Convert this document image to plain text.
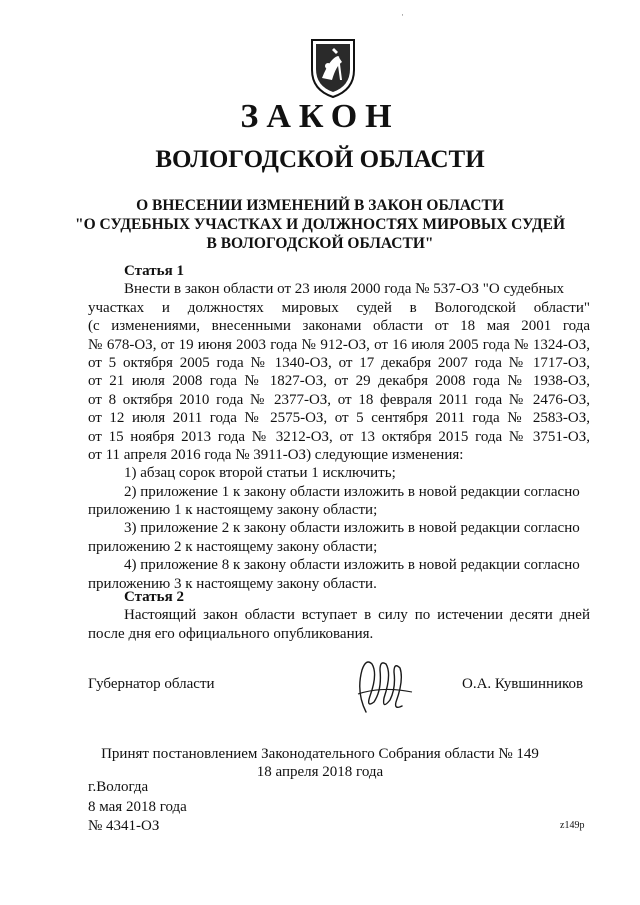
·
ЗАКОН
ВОЛОГОДСКОЙ ОБЛАСТИ
О ВНЕСЕНИИ ИЗМЕНЕНИЙ В ЗАКОН ОБЛАСТИ
"О СУДЕБНЫХ УЧАСТКАХ И ДОЛЖНОСТЯХ МИРОВЫХ СУДЕЙ
В ВОЛОГОДСКОЙ ОБЛАСТИ"
Статья 1
Внести в закон области от 23 июля 2000 года № 537-ОЗ "О судебных
участках и должностях мировых судей в Вологодской области"
(с изменениями, внесенными законами области от 18 мая 2001 года
№ 678-ОЗ, от 19 июня 2003 года № 912-ОЗ, от 16 июля 2005 года № 1324-ОЗ,
от 5 октября 2005 года № 1340-ОЗ, от 17 декабря 2007 года № 1717-ОЗ,
от 21 июля 2008 года № 1827-ОЗ, от 29 декабря 2008 года № 1938-ОЗ,
от 8 октября 2010 года № 2377-ОЗ, от 18 февраля 2011 года № 2476-ОЗ,
от 12 июля 2011 года № 2575-ОЗ, от 5 сентября 2011 года № 2583-ОЗ,
от 15 ноября 2013 года № 3212-ОЗ, от 13 октября 2015 года № 3751-ОЗ,
от 11 апреля 2016 года № 3911-ОЗ) следующие изменения:
1) абзац сорок второй статьи 1 исключить;
2) приложение 1 к закону области изложить в новой редакции согласно
приложению 1 к настоящему закону области;
3) приложение 2 к закону области изложить в новой редакции согласно
приложению 2 к настоящему закону области;
4) приложение 8 к закону области изложить в новой редакции согласно
приложению 3 к настоящему закону области.
Статья 2
Настоящий закон области вступает в силу по истечении десяти дней
после дня его официального опубликования.
Губернатор области	О.А. Кувшинников
Принят постановлением Законодательного Собрания области № 149
18 апреля 2018 года
г.Вологда
8 мая 2018 года
№ 4341-ОЗ	z149p
